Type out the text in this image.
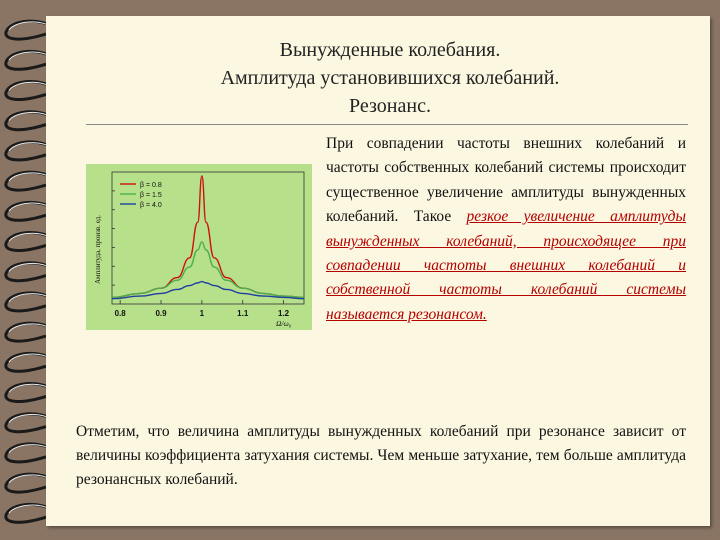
Вынужденные колебания.
Амплитуда установившихся колебаний.
Резонанс.
Амплитуда, произв. ед.
Ω/ω₀
0.8	0.9	1	1.1	1.2
β = 0.8
β = 1.5
β = 4.0
При совпадении частоты внешних колебаний и частоты собственных колебаний системы происходит существенное увеличение амплитуды вынужденных колебаний. Такое резкое увеличение амплитуды вынужденных колебаний, происходящее при совпадении частоты внешних колебаний и собственной частоты колебаний системы называется резонансом.
Отметим, что величина амплитуды вынужденных колебаний при резонансе зависит от величины коэффициента затухания системы. Чем меньше затухание, тем больше амплитуда резонансных колебаний.
